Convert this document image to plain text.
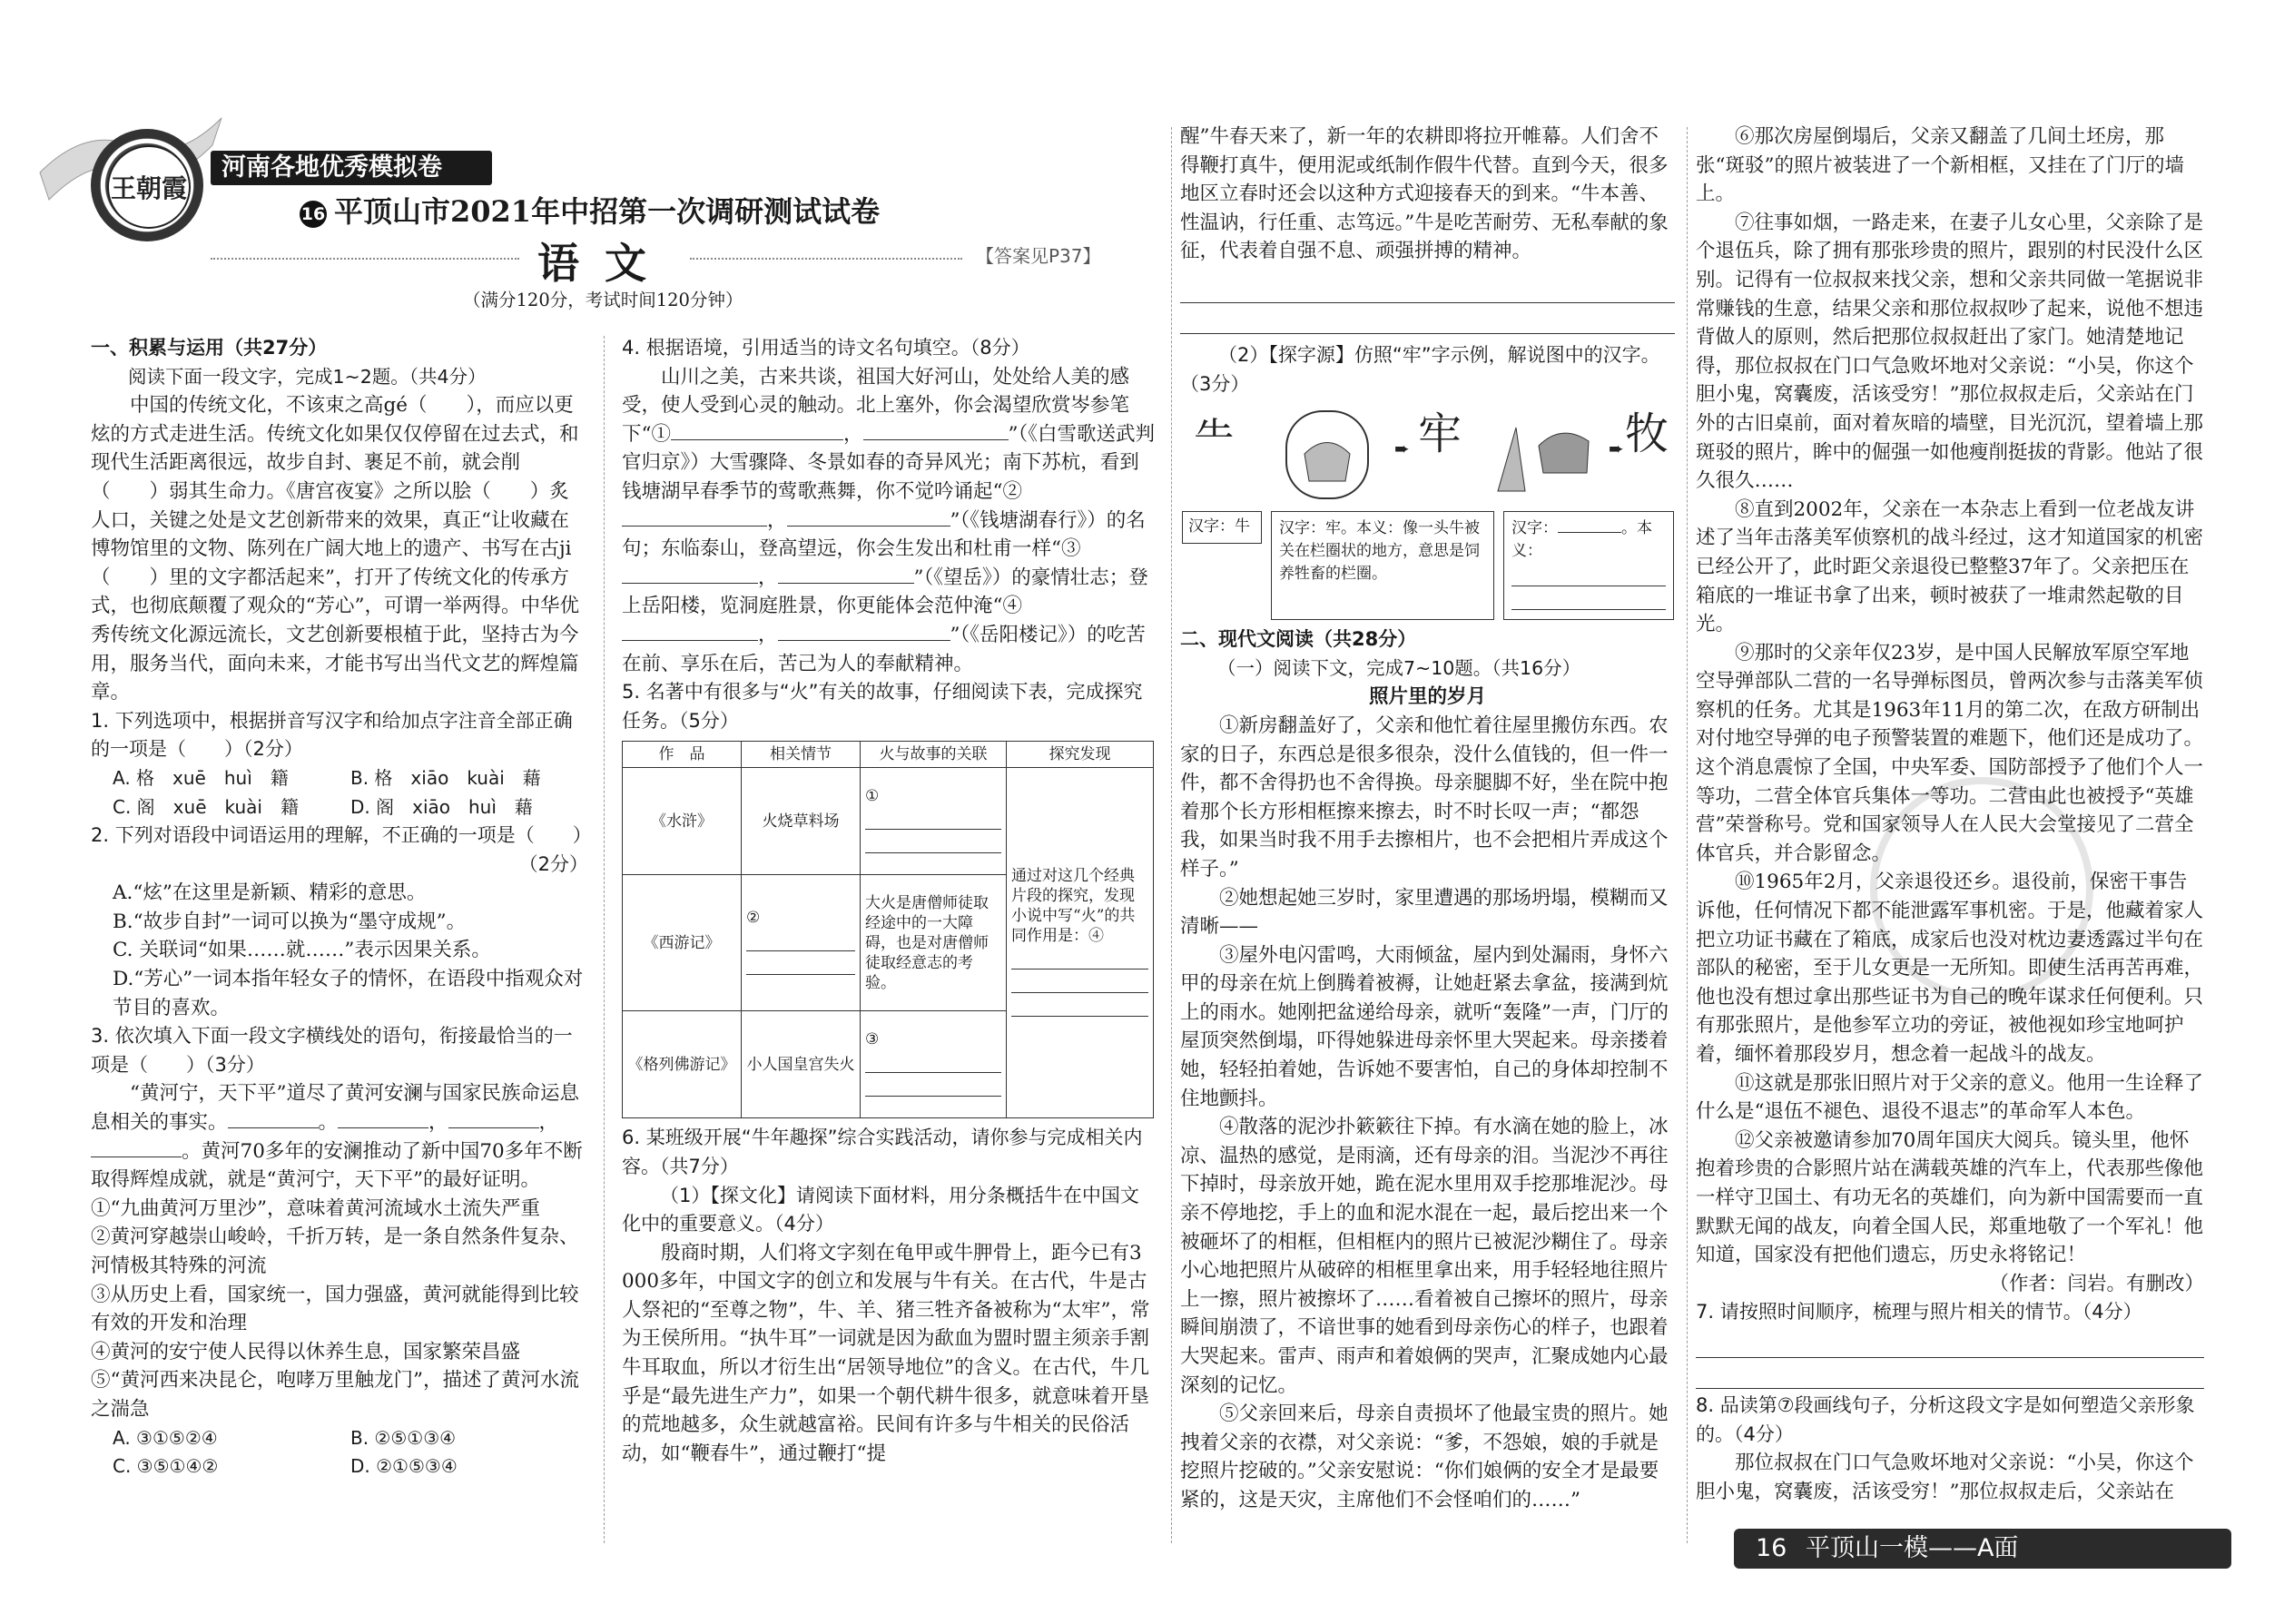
王朝霞
河南各地优秀模拟卷
16 平顶山市2021年中招第一次调研测试试卷
语文	【答案见P37】
（满分120分，考试时间120分钟）

一、积累与运用（共27分）

阅读下面一段文字，完成1~2题。（共4分）

中国的传统文化，不该束之高gé（　　），而应以更炫的方式走进生活。传统文化如果仅仅停留在过去式，和现代生活距离很远，故步自封、裹足不前，就会削（　　）弱其生命力。《唐宫夜宴》之所以脍（　　）炙人口，关键之处是文艺创新带来的效果，真正“让收藏在博物馆里的文物、陈列在广阔大地上的遗产、书写在古ji（　　）里的文字都活起来”，打开了传统文化的传承方式，也彻底颠覆了观众的“芳心”，可谓一举两得。中华优秀传统文化源远流长，文艺创新要根植于此，坚持古为今用，服务当代，面向未来，才能书写出当代文艺的辉煌篇章。

1. 下列选项中，根据拼音写汉字和给加点字注音全部正确的一项是（　　）（2分）

A. 格　xuē　huì　籍	B. 格　xiāo　kuài　藉
C. 阁　xuē　kuài　籍	D. 阁　xiāo　huì　藉

2. 下列对语段中词语运用的理解，不正确的一项是（　　）

（2分）

A.“炫”在这里是新颖、精彩的意思。

B.“故步自封”一词可以换为“墨守成规”。

C. 关联词“如果……就……”表示因果关系。

D.“芳心”一词本指年轻女子的情怀，在语段中指观众对节目的喜欢。

3. 依次填入下面一段文字横线处的语句，衔接最恰当的一项是（　　）（3分）

“黄河宁，天下平”道尽了黄河安澜与国家民族命运息息相关的事实。	。	，	，。黄河70多年的安澜推动了新中国70多年不断取得辉煌成就，就是“黄河宁，天下平”的最好证明。

①“九曲黄河万里沙”，意味着黄河流域水土流失严重

②黄河穿越崇山峻岭，千折万转，是一条自然条件复杂、河情极其特殊的河流

③从历史上看，国家统一，国力强盛，黄河就能得到比较有效的开发和治理

④黄河的安宁使人民得以休养生息，国家繁荣昌盛

⑤“黄河西来决昆仑，咆哮万里触龙门”，描述了黄河水流之湍急

A. ③①⑤②④	B. ②⑤①③④
C. ③⑤①④②	D. ②①⑤③④

4. 根据语境，引用适当的诗文名句填空。（8分）

山川之美，古来共谈，祖国大好河山，处处给人美的感受，使人受到心灵的触动。北上塞外，你会渴望欣赏岑参笔下“①	，	”（《白雪歌送武判官归京》）大雪骤降、冬景如春的奇异风光；南下苏杭，看到钱塘湖早春季节的莺歌燕舞，你不觉吟诵起“②，	”（《钱塘湖春行》）的名句；东临泰山，登高望远，你会生发出和杜甫一样“③，	”（《望岳》）的豪情壮志；登上岳阳楼，览洞庭胜景，你更能体会范仲淹“④，	”（《岳阳楼记》）的吃苦在前、享乐在后，苦己为人的奉献精神。

5. 名著中有很多与“火”有关的故事，仔细阅读下表，完成探究任务。（5分）

作　品	相关情节	火与故事的关联	探究发现
《水浒》	火烧草料场	①	通过对这几个经典片段的探究，发现小说中写“火”的共同作用是：④

《西游记》	②	大火是唐僧师徒取经途中的一大障碍，也是对唐僧师徒取经意志的考验。	
《格列佛游记》	小人国皇宫失火	③	

6. 某班级开展“牛年趣探”综合实践活动，请你参与完成相关内容。（共7分）

（1）【探文化】请阅读下面材料，用分条概括牛在中国文化中的重要意义。（4分）

殷商时期，人们将文字刻在龟甲或牛胛骨上，距今已有3 000多年，中国文字的创立和发展与牛有关。在古代，牛是古人祭祀的“至尊之物”，牛、羊、猪三牲齐备被称为“太牢”，常为王侯所用。“执牛耳”一词就是因为歃血为盟时盟主须亲手割牛耳取血，所以才衍生出“居领导地位”的含义。在古代，牛几乎是“最先进生产力”，如果一个朝代耕牛很多，就意味着开垦的荒地越多，众生就越富裕。民间有许多与牛相关的民俗活动，如“鞭春牛”，通过鞭打“提

醒”牛春天来了，新一年的农耕即将拉开帷幕。人们舍不得鞭打真牛，便用泥或纸制作假牛代替。直到今天，很多地区立春时还会以这种方式迎接春天的到来。“牛本善、性温讷，行任重、志笃远。”牛是吃苦耐劳、无私奉献的象征，代表着自强不息、顽强拼搏的精神。

（2）【探字源】仿照“牢”字示例，解说图中的汉字。（3分）

⺧	➨ 牢	➨ 牧
汉字：牛	汉字：牢。本义：像一头牛被关在栏圈状的地方，意思是饲养牲畜的栏圈。
汉字：	。本义：

二、现代文阅读（共28分）

（一）阅读下文，完成7~10题。（共16分）

照片里的岁月

①新房翻盖好了，父亲和他忙着往屋里搬仿东西。农家的日子，东西总是很多很杂，没什么值钱的，但一件一件，都不舍得扔也不舍得换。母亲腿脚不好，坐在院中抱着那个长方形相框擦来擦去，时不时长叹一声；“都怨我，如果当时我不用手去擦相片，也不会把相片弄成这个样子。”

②她想起她三岁时，家里遭遇的那场坍塌，模糊而又清晰——

③屋外电闪雷鸣，大雨倾盆，屋内到处漏雨，身怀六甲的母亲在炕上倒腾着被褥，让她赶紧去拿盆，接满到炕上的雨水。她刚把盆递给母亲，就听“轰隆”一声，门厅的屋顶突然倒塌，吓得她躲进母亲怀里大哭起来。母亲搂着她，轻轻拍着她，告诉她不要害怕，自己的身体却控制不住地颤抖。

④散落的泥沙扑簌簌往下掉。有水滴在她的脸上，冰凉、温热的感觉，是雨滴，还有母亲的泪。当泥沙不再往下掉时，母亲放开她，跪在泥水里用双手挖那堆泥沙。母亲不停地挖，手上的血和泥水混在一起，最后挖出来一个被砸坏了的相框，但相框内的照片已被泥沙糊住了。母亲小心地把照片从破碎的相框里拿出来，用手轻轻地往照片上一擦，照片被擦坏了……看着被自己擦坏的照片，母亲瞬间崩溃了，不谙世事的她看到母亲伤心的样子，也跟着大哭起来。雷声、雨声和着娘俩的哭声，汇聚成她内心最深刻的记忆。

⑤父亲回来后，母亲自责损坏了他最宝贵的照片。她拽着父亲的衣襟，对父亲说：“爹，不怨娘，娘的手就是挖照片挖破的。”父亲安慰说：“你们娘俩的安全才是最要紧的，这是天灾，主席他们不会怪咱们的……”

⑥那次房屋倒塌后，父亲又翻盖了几间土坯房，那张“斑驳”的照片被装进了一个新相框，又挂在了门厅的墙上。

⑦往事如烟，一路走来，在妻子儿女心里，父亲除了是个退伍兵，除了拥有那张珍贵的照片，跟别的村民没什么区别。记得有一位叔叔来找父亲，想和父亲共同做一笔据说非常赚钱的生意，结果父亲和那位叔叔吵了起来，说他不想违背做人的原则，然后把那位叔叔赶出了家门。她清楚地记得，那位叔叔在门口气急败坏地对父亲说：“小吴，你这个胆小鬼，窝囊废，活该受穷！”那位叔叔走后，父亲站在门外的古旧桌前，面对着灰暗的墙壁，目光沉沉，望着墙上那斑驳的照片，眸中的倔强一如他瘦削挺拔的背影。他站了很久很久……

⑧直到2002年，父亲在一本杂志上看到一位老战友讲述了当年击落美军侦察机的战斗经过，这才知道国家的机密已经公开了，此时距父亲退役已整整37年了。父亲把压在箱底的一堆证书拿了出来，顿时被获了一堆肃然起敬的目光。

⑨那时的父亲年仅23岁，是中国人民解放军原空军地空导弹部队二营的一名导弹标图员，曾两次参与击落美军侦察机的任务。尤其是1963年11月的第二次，在敌方研制出对付地空导弹的电子预警装置的难题下，他们还是成功了。这个消息震惊了全国，中央军委、国防部授予了他们个人一等功，二营全体官兵集体一等功。二营由此也被授予“英雄营”荣誉称号。党和国家领导人在人民大会堂接见了二营全体官兵，并合影留念。

⑩1965年2月，父亲退役还乡。退役前，保密干事告诉他，任何情况下都不能泄露军事机密。于是，他藏着家人把立功证书藏在了箱底，成家后也没对枕边妻透露过半句在部队的秘密，至于儿女更是一无所知。即使生活再苦再难，他也没有想过拿出那些证书为自己的晚年谋求任何便利。只有那张照片，是他参军立功的旁证，被他视如珍宝地呵护着，缅怀着那段岁月，想念着一起战斗的战友。

⑪这就是那张旧照片对于父亲的意义。他用一生诠释了什么是“退伍不褪色、退役不退志”的革命军人本色。

⑫父亲被邀请参加70周年国庆大阅兵。镜头里，他怀抱着珍贵的合影照片站在满载英雄的汽车上，代表那些像他一样守卫国土、有功无名的英雄们，向为新中国需要而一直默默无闻的战友，向着全国人民，郑重地敬了一个军礼！他知道，国家没有把他们遗忘，历史永将铭记！

（作者：闫岩。有删改）

7. 请按照时间顺序，梳理与照片相关的情节。（4分）

8. 品读第⑦段画线句子，分析这段文字是如何塑造父亲形象的。（4分）

那位叔叔在门口气急败坏地对父亲说：“小吴，你这个胆小鬼，窝囊废，活该受穷！”那位叔叔走后，父亲站在

16 平顶山一模——A面
